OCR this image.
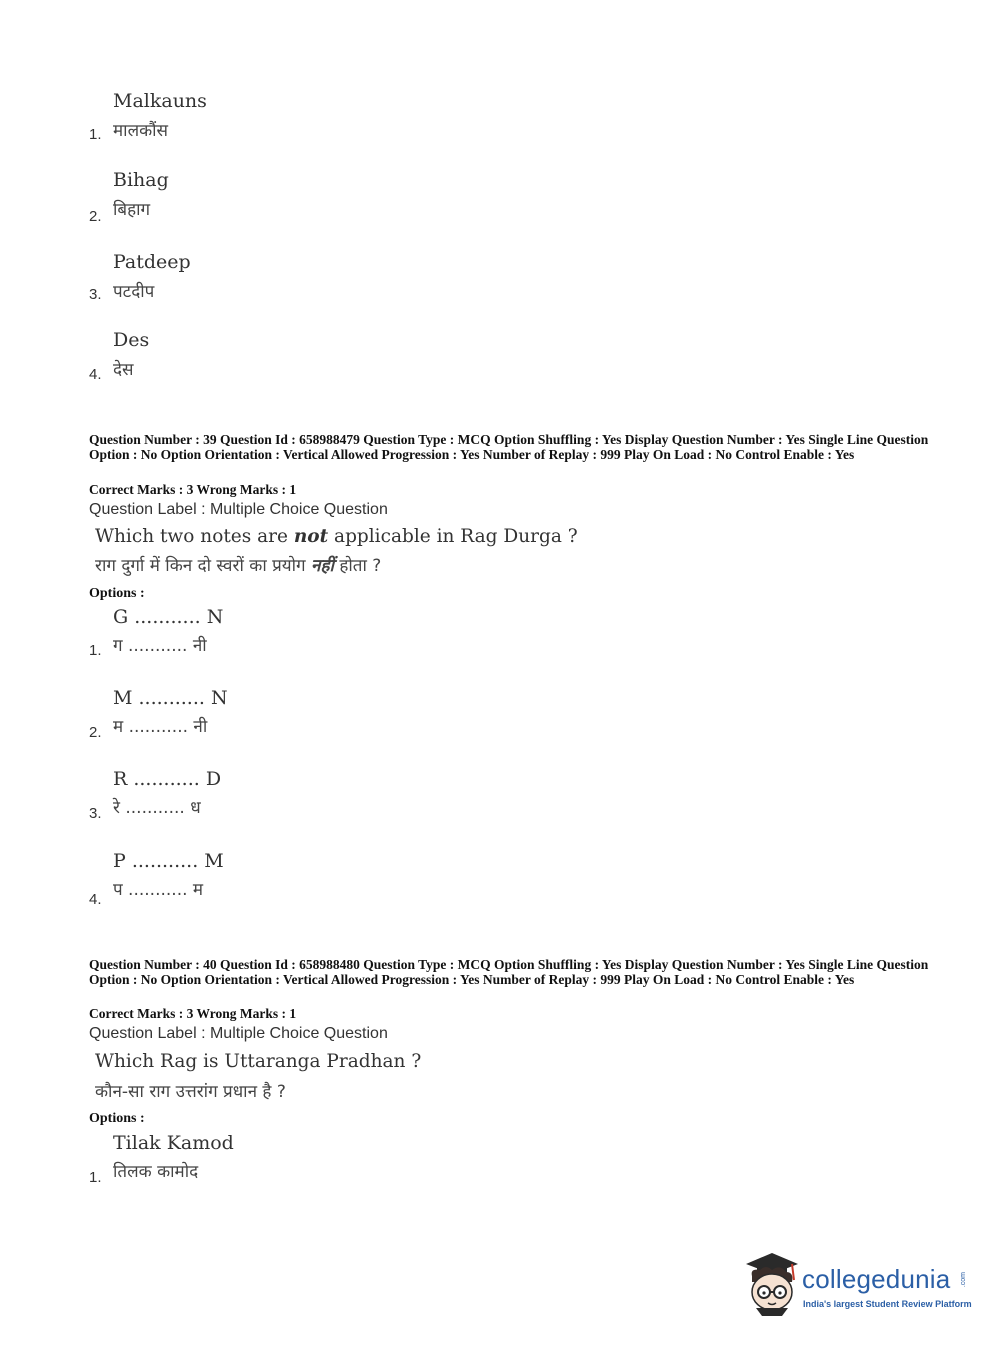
Malkauns
मालकौंस
1.
Bihag
बिहाग
2.
Patdeep
पटदीप
3.
Des
देस
4.
Question Number : 39 Question Id : 658988479 Question Type : MCQ Option Shuffling : Yes Display Question Number : Yes Single Line Question Option : No Option Orientation : Vertical Allowed Progression : Yes Number of Replay : 999 Play On Load : No Control Enable : Yes
Correct Marks : 3 Wrong Marks : 1
Question Label : Multiple Choice Question
Which two notes are not applicable in Rag Durga ?
राग दुर्गा में किन दो स्वरों का प्रयोग नहीं होता ?
Options :
G ........... N
ग ........... नी
1.
M ........... N
म ........... नी
2.
R ........... D
रे ........... ध
3.
P ........... M
प ........... म
4.
Question Number : 40 Question Id : 658988480 Question Type : MCQ Option Shuffling : Yes Display Question Number : Yes Single Line Question Option : No Option Orientation : Vertical Allowed Progression : Yes Number of Replay : 999 Play On Load : No Control Enable : Yes
Correct Marks : 3 Wrong Marks : 1
Question Label : Multiple Choice Question
Which Rag is Uttaranga Pradhan ?
कौन-सा राग उत्तरांग प्रधान है ?
Options :
Tilak Kamod
तिलक कामोद
1.
collegedunia .com
India's largest Student Review Platform
